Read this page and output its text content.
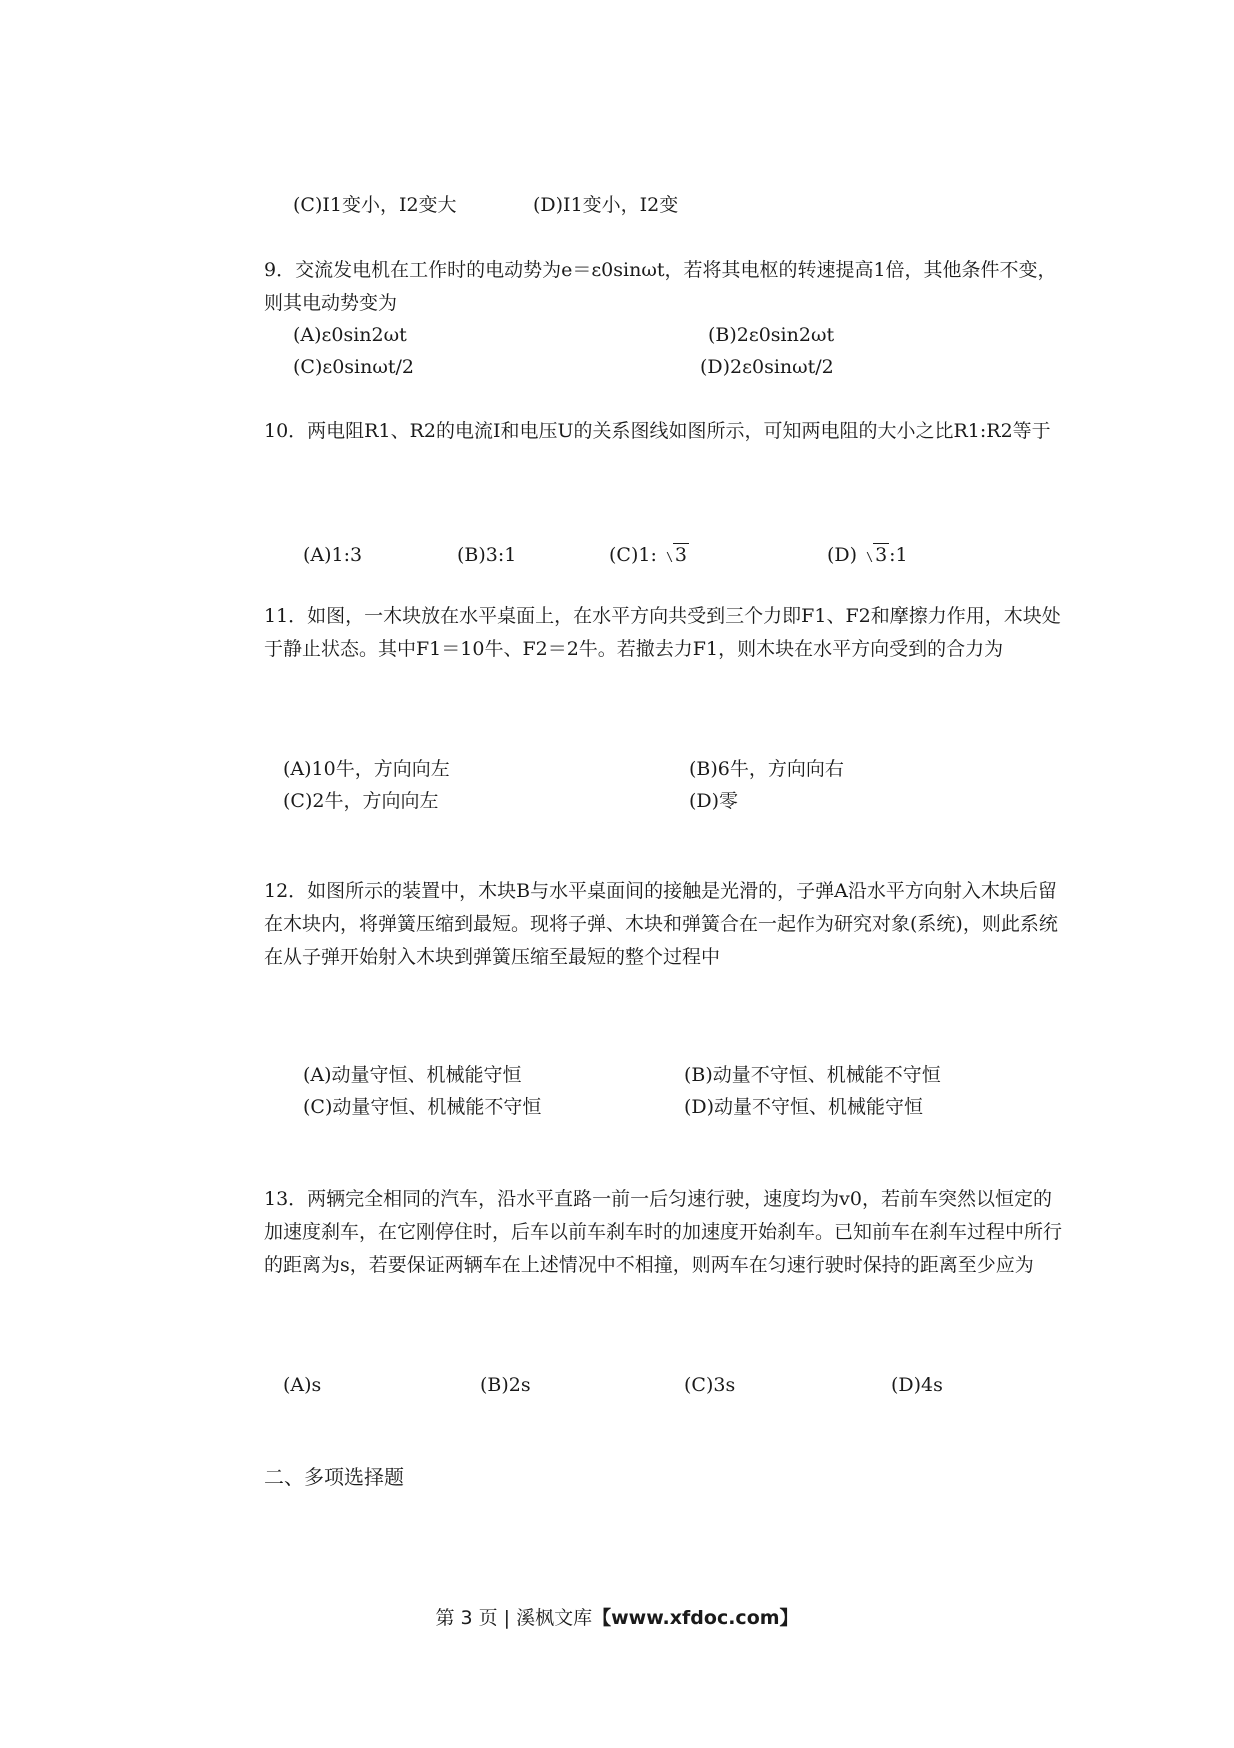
(C)I1变小，I2变大	(D)I1变小，I2变
9．交流发电机在工作时的电动势为e＝ε0sinωt，若将其电枢的转速提高1倍，其他条件不变，则其电动势变为
(A)ε0sin2ωt	(B)2ε0sin2ωt
(C)ε0sinωt/2	(D)2ε0sinωt/2
10．两电阻R1、R2的电流I和电压U的关系图线如图所示，可知两电阻的大小之比R1:R2等于
(A)1:3	(B)3:1	(C)1: 3	(D) 3 :1
11．如图，一木块放在水平桌面上，在水平方向共受到三个力即F1、F2和摩擦力作用，木块处于静止状态。其中F1＝10牛、F2＝2牛。若撤去力F1，则木块在水平方向受到的合力为
(A)10牛，方向向左	(B)6牛，方向向右
(C)2牛，方向向左	(D)零
12．如图所示的装置中，木块B与水平桌面间的接触是光滑的，子弹A沿水平方向射入木块后留在木块内，将弹簧压缩到最短。现将子弹、木块和弹簧合在一起作为研究对象(系统)，则此系统在从子弹开始射入木块到弹簧压缩至最短的整个过程中
(A)动量守恒、机械能守恒	(B)动量不守恒、机械能不守恒
(C)动量守恒、机械能不守恒	(D)动量不守恒、机械能守恒
13．两辆完全相同的汽车，沿水平直路一前一后匀速行驶，速度均为v0，若前车突然以恒定的加速度刹车，在它刚停住时，后车以前车刹车时的加速度开始刹车。已知前车在刹车过程中所行的距离为s，若要保证两辆车在上述情况中不相撞，则两车在匀速行驶时保持的距离至少应为
(A)s	(B)2s	(C)3s	(D)4s
二、多项选择题
第 3 页 | 溪枫文库【www.xfdoc.com】
